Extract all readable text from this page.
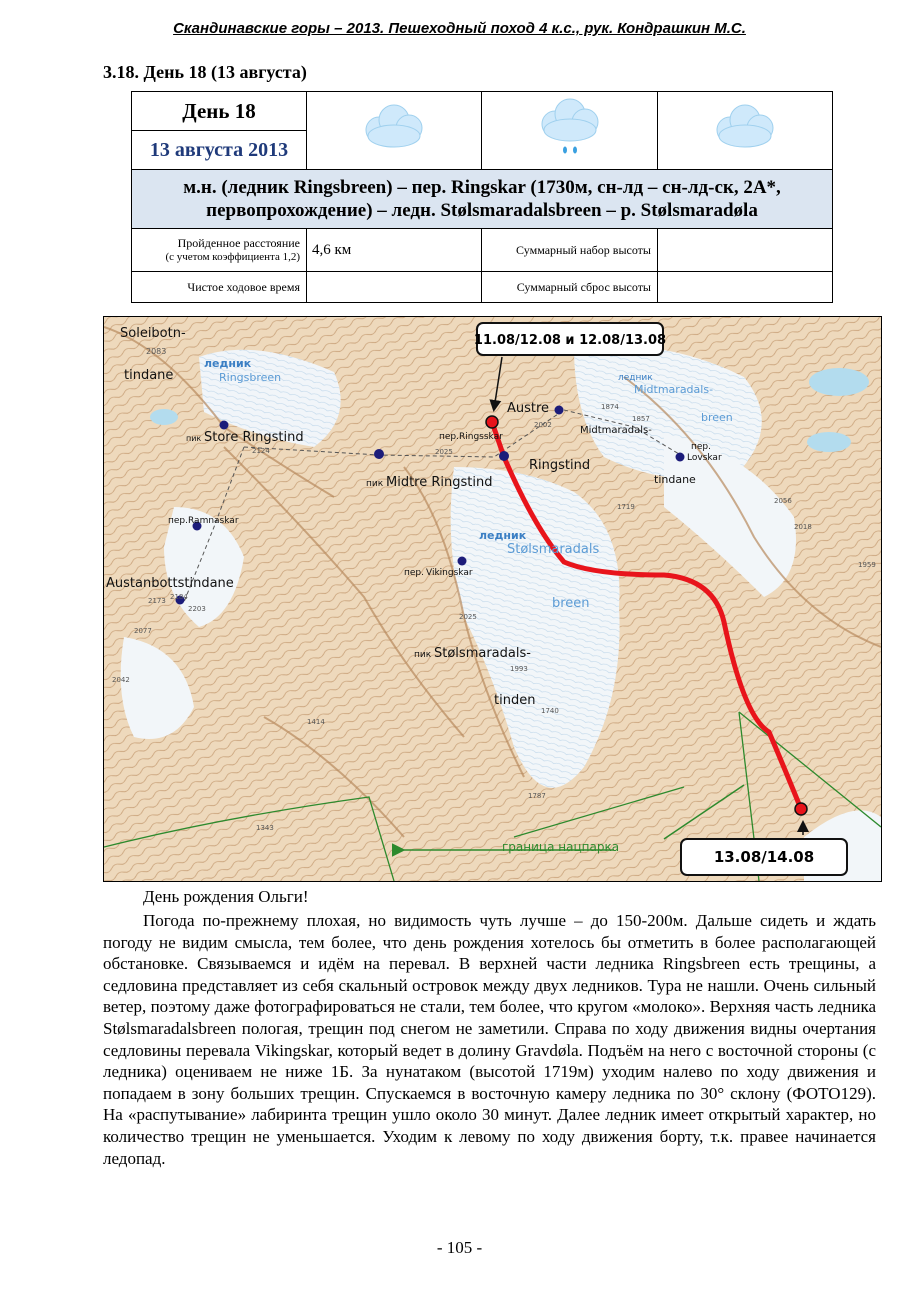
Скандинавские горы – 2013. Пешеходный поход 4 к.с., рук. Кондрашкин М.С.
3.18. День 18 (13 августа)
День 18			
13 августа 2013			

м.н. (ледник Ringsbreen) – пер. Ringskar (1730м, сн-лд – сн-лд-ск, 2А*,
первопрохождение) – ледн. Stølsmaradalsbreen – р. Stølsmaradøla			

Пройденное расстояние
(с учетом коэффициента 1,2)	4,6 км	Суммарный набор высоты	
Чистое ходовое время		Суммарный сброс высоты	
граница нацпарка
11.08/12.08 и 12.08/13.08
13.08/14.08
Soleibotn-
2083
tindane
ледник
Ringsbreen
пик Store Ringstind
2124
пик Midtre Ringstind
2025
пер. Ringsskar
Austre
2002
Ringstind
1874
1857
Midtmaradals-
ледник
Midtmaradals-
breen
пер.
Lovskar
tindane
пер. Ramnaskar
Austanbottstindane
2173 2184
2203
2077
2042
пер. Vikingskar
ледник
Stølsmaradals
1719
breen
2025
пик Stølsmaradals-
1993
tinden
1740
1414
1787
1343
2056
2018
1959
День рождения Ольги!
Погода по-прежнему плохая, но видимость чуть лучше – до 150-200м. Дальше сидеть и ждать погоду не видим смысла, тем более, что день рождения хотелось бы отметить в более располагающей обстановке. Связываемся и идём на перевал. В верхней части ледника Ringsbreen есть трещины, а седловина представляет из себя скальный островок между двух ледников. Тура не нашли. Очень сильный ветер, поэтому даже фотографироваться не стали, тем более, что кругом «молоко». Верхняя часть ледника Stølsmaradalsbreen пологая, трещин под снегом не заметили. Справа по ходу движения видны очертания седловины перевала Vikingskar, который ведет в долину Gravdøla. Подъём на него с восточной стороны (с ледника) оцениваем не ниже 1Б. За нунатаком (высотой 1719м) уходим налево по ходу движения и попадаем в зону больших трещин. Спускаемся в восточную камеру ледника по 30° склону (ФОТО129). На «распутывание» лабиринта трещин ушло около 30 минут. Далее ледник имеет открытый характер, но количество трещин не уменьшается. Уходим к левому по ходу движения борту, т.к. правее начинается ледопад.
- 105 -
